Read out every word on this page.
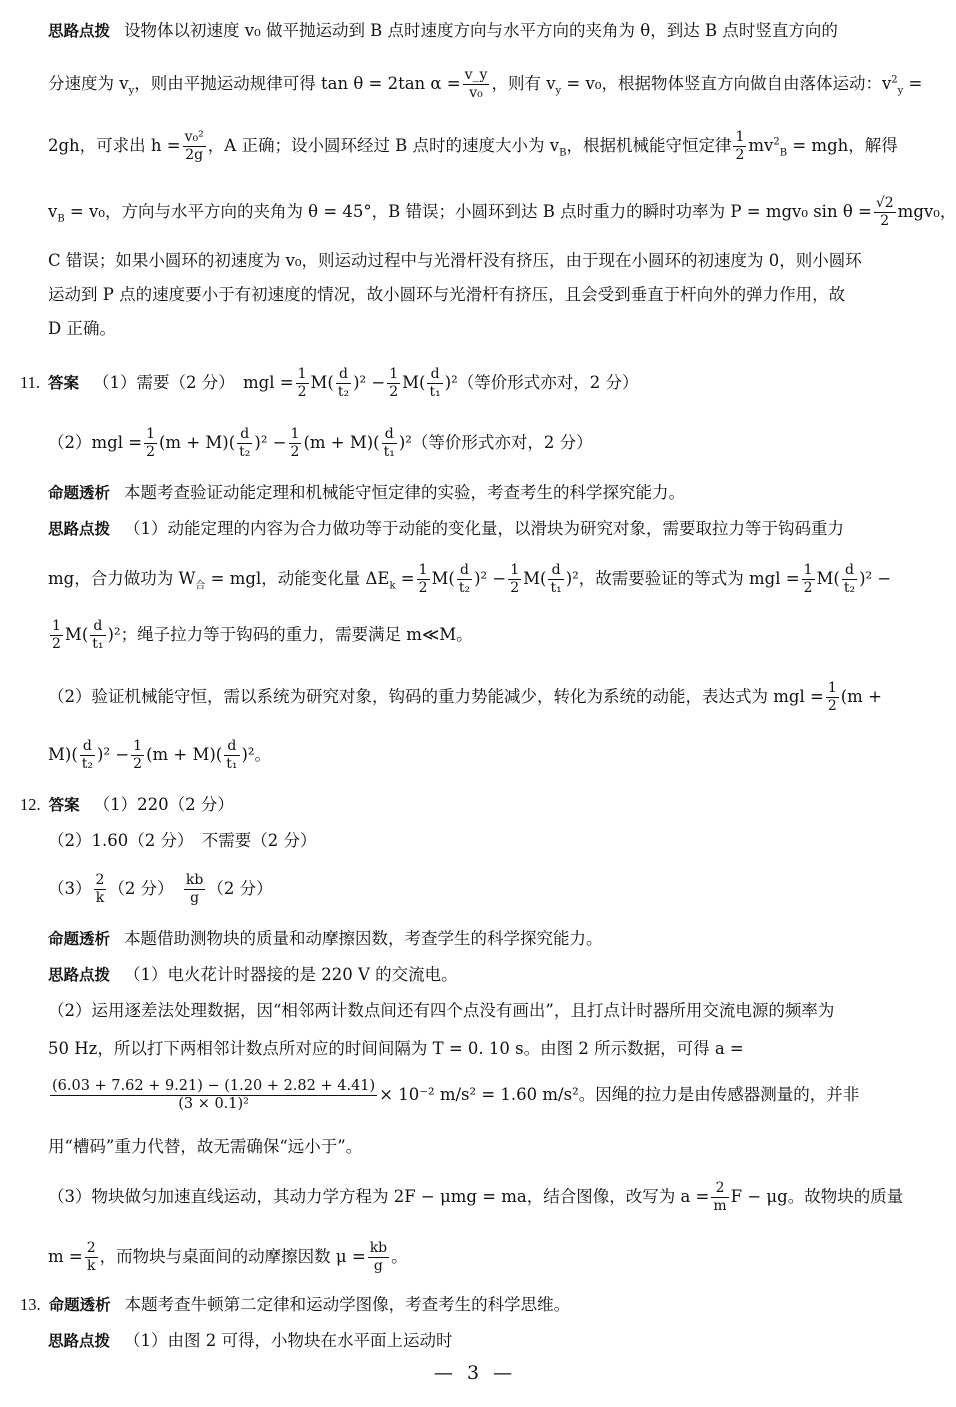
思路点拨 设物体以初速度 v₀ 做平抛运动到 B 点时速度方向与水平方向的夹角为 θ，到达 B 点时竖直方向的
分速度为 $v_y$，则由平抛运动规律可得 tan θ = 2tan $\alpha = \frac{v\_y}{\text{v₀}}$ ，则有 $v_y = v_0$，根据物体竖直方向做自由落体运动：$v^2_y$ =
2gh，可求出 $h = \frac{\text{v₀²}}{2g}$ ，A 正确；设小圆环经过 B 点时的速度大小为 $v_B$，根据机械能守恒定律 $\frac{1}{2} mv^2_B$ = mgh，解得
$v_B = v_0$，方向与水平方向的夹角为 θ = 45°，B 错误；小圆环到达 B 点时重力的瞬时功率为 P = mgv₀ $\sin \theta = \frac{√2}{2} mgv_0$，
C 错误；如果小圆环的初速度为 v₀，则运动过程中与光滑杆没有挤压，由于现在小圆环的初速度为 0，则小圆环
运动到 P 点的速度要小于有初速度的情况，故小圆环与光滑杆有挤压，且会受到垂直于杆向外的弹力作用，故
D 正确。
11. 答案 （1）需要（2 分）　mgl = $\frac{1}{2} M( \frac{d}{\text{t₂}} )^2 - \frac{1}{2} M( \frac{d}{\text{t₁}} )^2$（等价形式亦对，2 分）
$(2)mgl = \frac{1}{2} (m + M)( \frac{d}{\text{t₂}} )^2 - \frac{1}{2} (m + M)( \frac{d}{\text{t₁}} )^2$（等价形式亦对，2 分）
命题透析 本题考查验证动能定理和机械能守恒定律的实验，考查考生的科学探究能力。
思路点拨 （1）动能定理的内容为合力做功等于动能的变化量，以滑块为研究对象，需要取拉力等于钩码重力
mg，合力做功为 $W_合$ = mgl，动能变化量 $\Delta E_k = \frac{1}{2} M( \frac{d}{\text{t₂}} )^2 - \frac{1}{2} M( \frac{d}{\text{t₁}} )^2$，故需要验证的等式为 mgl = $\frac{1}{2} M( \frac{d}{\text{t₂}} )^2$ −
$\frac{1}{2} M( \frac{d}{\text{t₁}} )^2$；绳子拉力等于钩码的重力，需要满足 m≪M。
（2）验证机械能守恒，需以系统为研究对象，钩码的重力势能减少，转化为系统的动能，表达式为 mgl = $\frac{1}{2} (m$ +
$M)( \frac{d}{\text{t₂}} )^2 - \frac{1}{2} (m + M)( \frac{d}{\text{t₁}} )^2$。
12. 答案 （1）220（2 分）
（2）1.60（2 分）　不需要（2 分）
$(3) \frac{2}{k} (2$ 分）　 $\frac{kb}{g} (2$ 分）
命题透析 本题借助测物块的质量和动摩擦因数，考查学生的科学探究能力。
思路点拨 （1）电火花计时器接的是 220 V 的交流电。
（2）运用逐差法处理数据，因“相邻两计数点间还有四个点没有画出”，且打点计时器所用交流电源的频率为
50 Hz，所以打下两相邻计数点所对应的时间间隔为 T = 0. 10 s。由图 2 所示数据，可得 a =
$\frac{(6.03 + 7.62 + 9.21) - (1.20 + 2.82 + 4.41)}{\text{(3 × 0.1)²}} \times 10^{-2}$ m/s² = 1.60 m/s²。因绳的拉力是由传感器测量的，并非
用“槽码”重力代替，故无需确保“远小于”。
（3）物块做匀加速直线运动，其动力学方程为 2F − μmg = ma，结合图像，改写为 $a = \frac{2}{m}$ F − μg。故物块的质量
$m = \frac{2}{k}$ ，而物块与桌面间的动摩擦因数 $\mu = \frac{kb}{g}$ 。
13. 命题透析 本题考查牛顿第二定律和运动学图像，考查考生的科学思维。
思路点拨 （1）由图 2 可得，小物块在水平面上运动时
— 3 —
